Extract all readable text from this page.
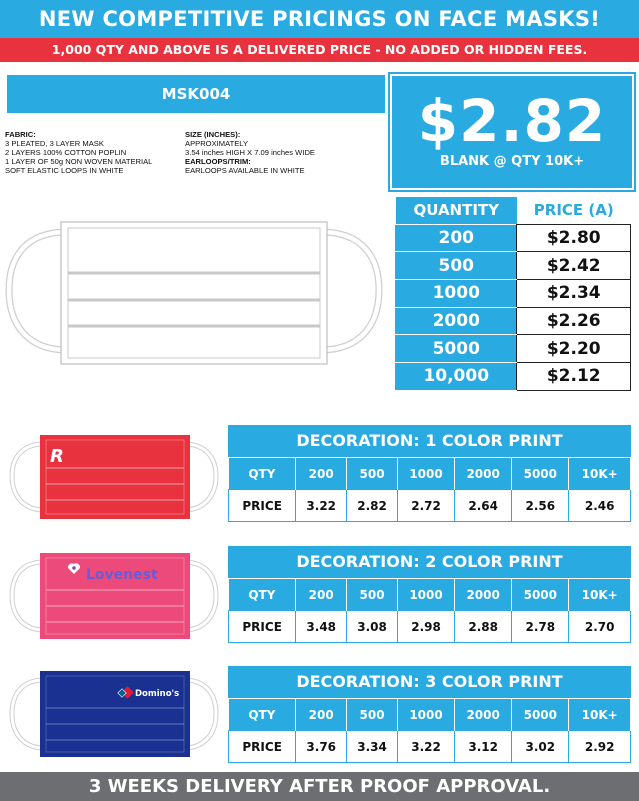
NEW COMPETITIVE PRICINGS ON FACE MASKS!
1,000 QTY AND ABOVE IS A DELIVERED PRICE - NO ADDED OR HIDDEN FEES.
MSK004
FABRIC:
3 PLEATED, 3 LAYER MASK
2 LAYERS 100% COTTON POPLIN
1 LAYER OF 50g NON WOVEN MATERIAL
SOFT ELASTIC LOOPS IN WHITE
SIZE (INCHES):
APPROXIMATELY
3.54 inches HIGH X 7.09 inches WIDE
EARLOOPS/TRIM:
EARLOOPS AVAILABLE IN WHITE
$2.82
BLANK @ QTY 10K+
QUANTITY	PRICE (A)
200	$2.80
500	$2.42
1000	$2.34
2000	$2.26
5000	$2.20
10,000	$2.12
R
Lovenest
Domino's
DECORATION: 1 COLOR PRINT
QTY	200	500	1000	2000	5000	10K+
PRICE	3.22	2.82	2.72	2.64	2.56	2.46
DECORATION: 2 COLOR PRINT
QTY	200	500	1000	2000	5000	10K+
PRICE	3.48	3.08	2.98	2.88	2.78	2.70
DECORATION: 3 COLOR PRINT
QTY	200	500	1000	2000	5000	10K+
PRICE	3.76	3.34	3.22	3.12	3.02	2.92
3 WEEKS DELIVERY AFTER PROOF APPROVAL.
